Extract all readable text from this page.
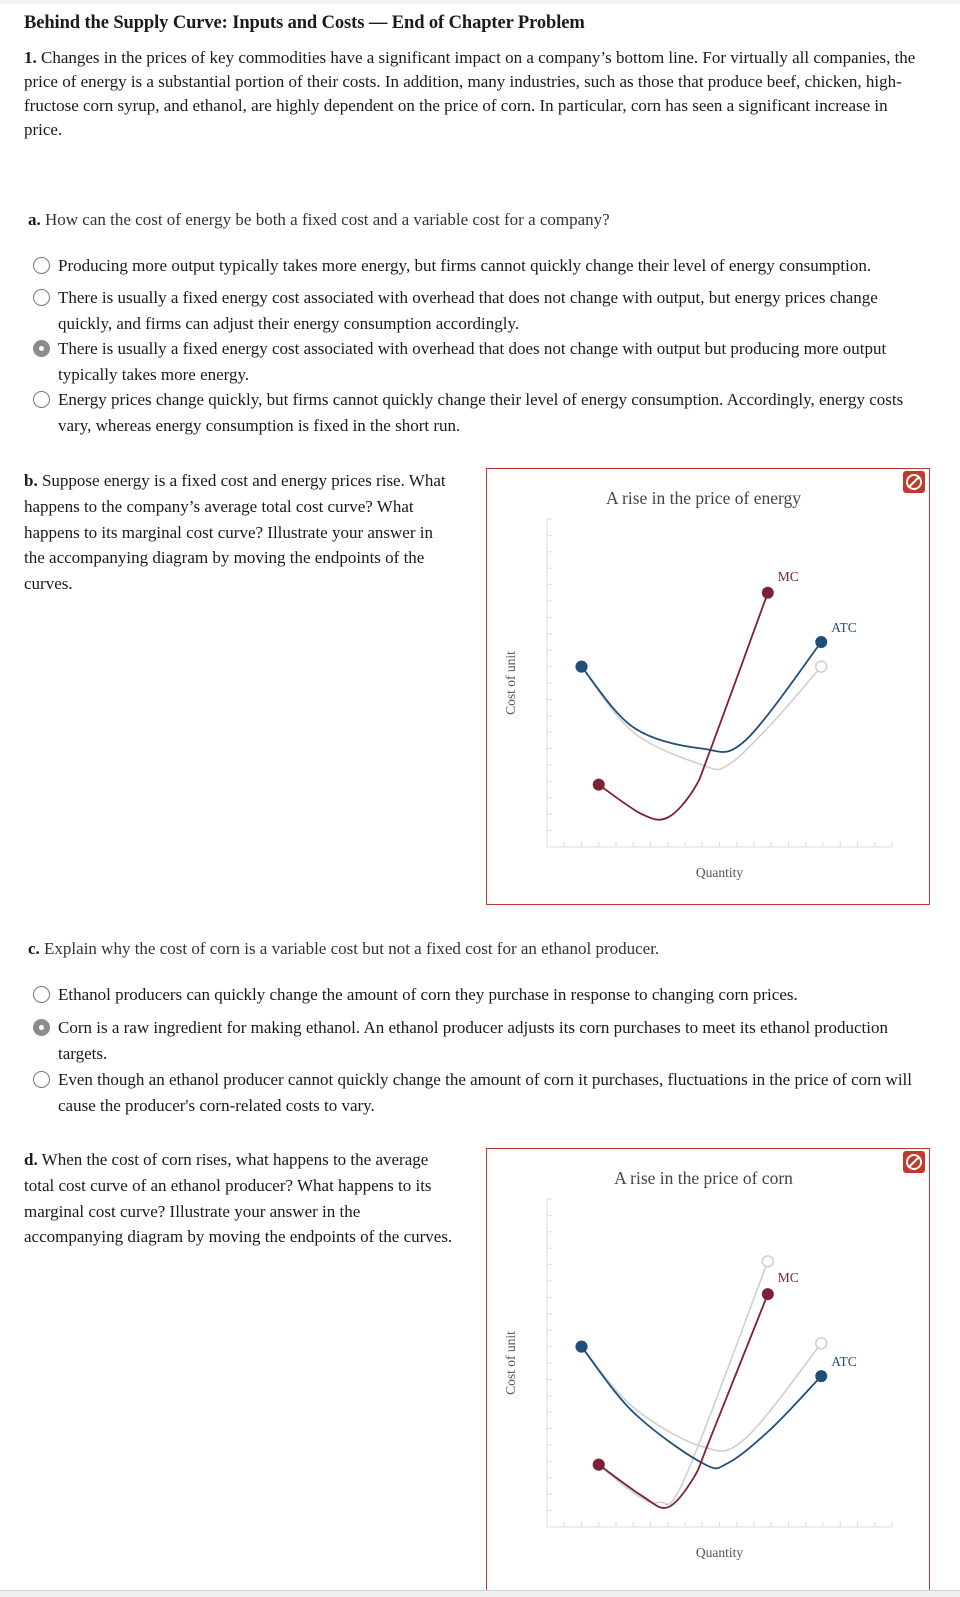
Behind the Supply Curve: Inputs and Costs — End of Chapter Problem
1. Changes in the prices of key commodities have a significant impact on a company’s bottom line. For virtually all companies, the price of energy is a substantial portion of their costs. In addition, many industries, such as those that produce beef, chicken, high-fructose corn syrup, and ethanol, are highly dependent on the price of corn. In particular, corn has seen a significant increase in price.
a. How can the cost of energy be both a fixed cost and a variable cost for a company?
Producing more output typically takes more energy, but firms cannot quickly change their level of energy consumption.
There is usually a fixed energy cost associated with overhead that does not change with output, but energy prices change quickly, and firms can adjust their energy consumption accordingly.
There is usually a fixed energy cost associated with overhead that does not change with output but producing more output typically takes more energy.
Energy prices change quickly, but firms cannot quickly change their level of energy consumption. Accordingly, energy costs vary, whereas energy consumption is fixed in the short run.
b. Suppose energy is a fixed cost and energy prices rise. What happens to the company’s average total cost curve? What happens to its marginal cost curve? Illustrate your answer in the accompanying diagram by moving the endpoints of the curves.
A rise in the price of energy
Quantity
Cost of unit
ATC
MC
c. Explain why the cost of corn is a variable cost but not a fixed cost for an ethanol producer.
Ethanol producers can quickly change the amount of corn they purchase in response to changing corn prices.
Corn is a raw ingredient for making ethanol. An ethanol producer adjusts its corn purchases to meet its ethanol production targets.
Even though an ethanol producer cannot quickly change the amount of corn it purchases, fluctuations in the price of corn will cause the producer's corn-related costs to vary.
d. When the cost of corn rises, what happens to the average total cost curve of an ethanol producer? What happens to its marginal cost curve? Illustrate your answer in the accompanying diagram by moving the endpoints of the curves.
A rise in the price of corn
Quantity
Cost of unit	ATC
MC
